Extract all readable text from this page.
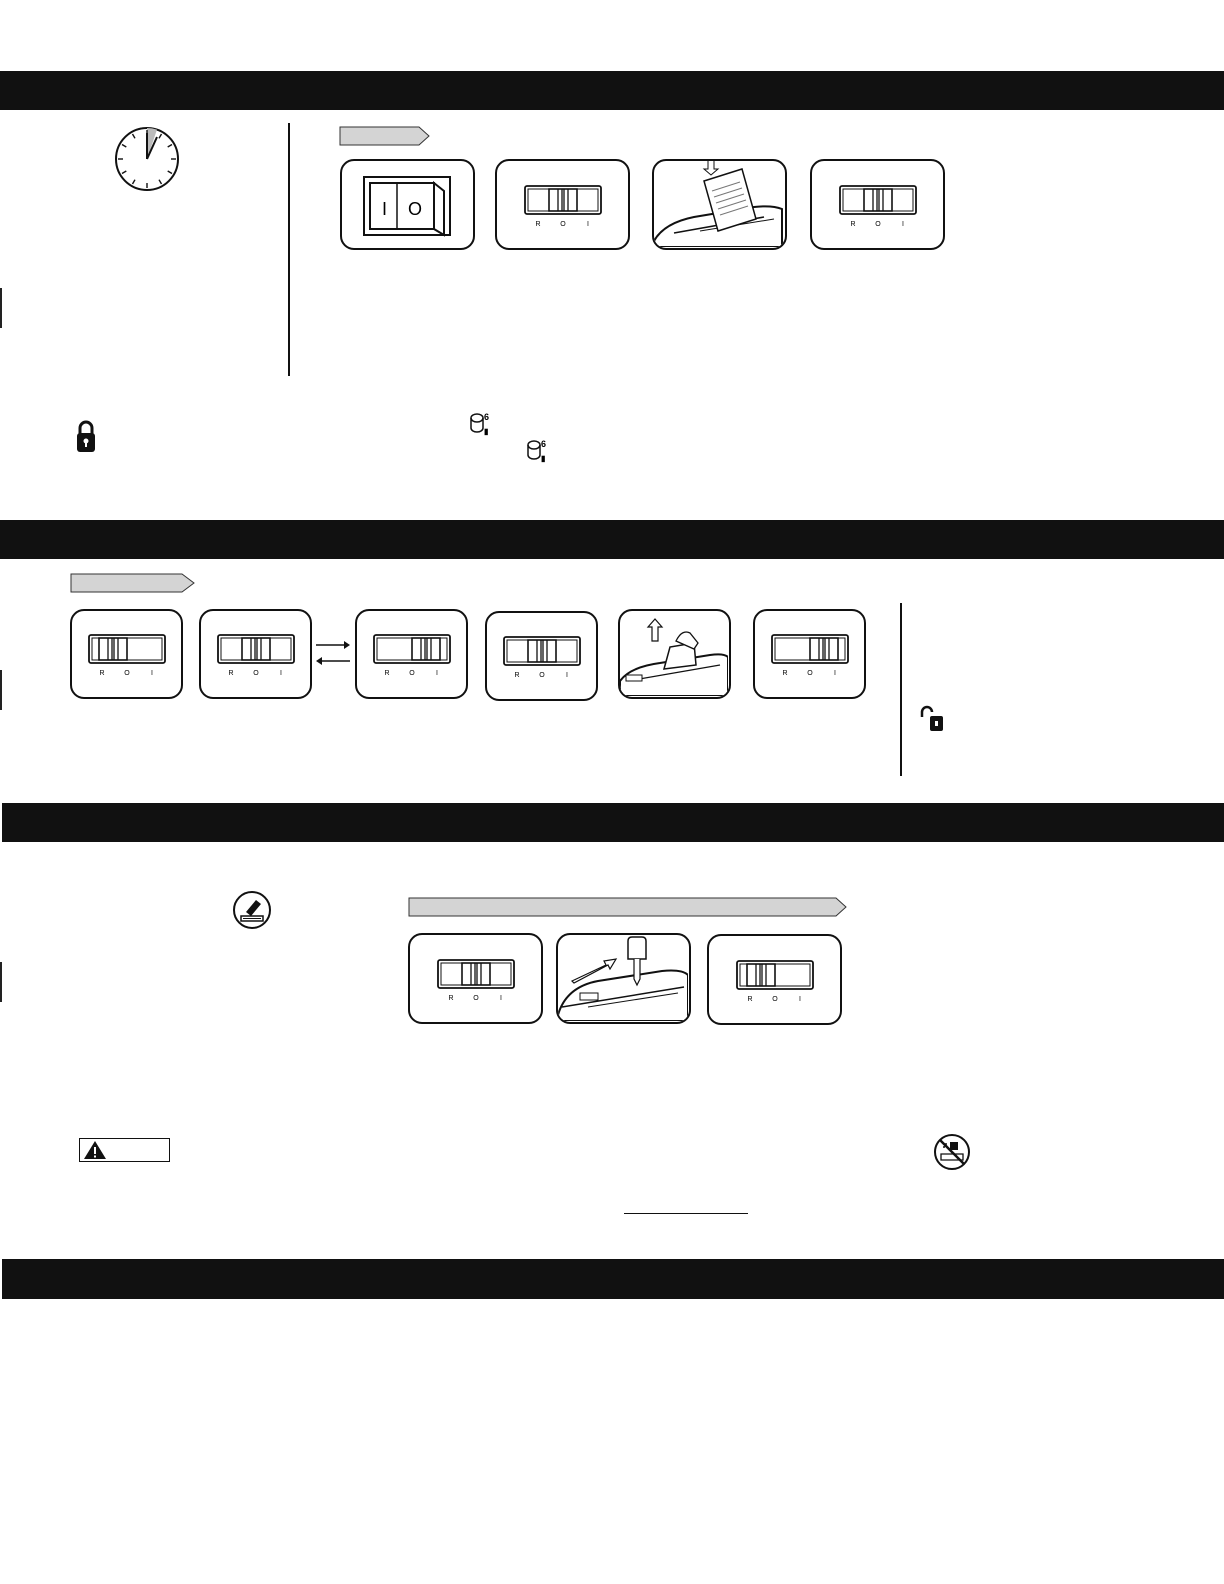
I O
R	O	I	R	O	I
6
▮
6
▮
R	O	I	R	O	I	R	O	I	R	O	I	R	O	I
R	O	I	R	O	I
